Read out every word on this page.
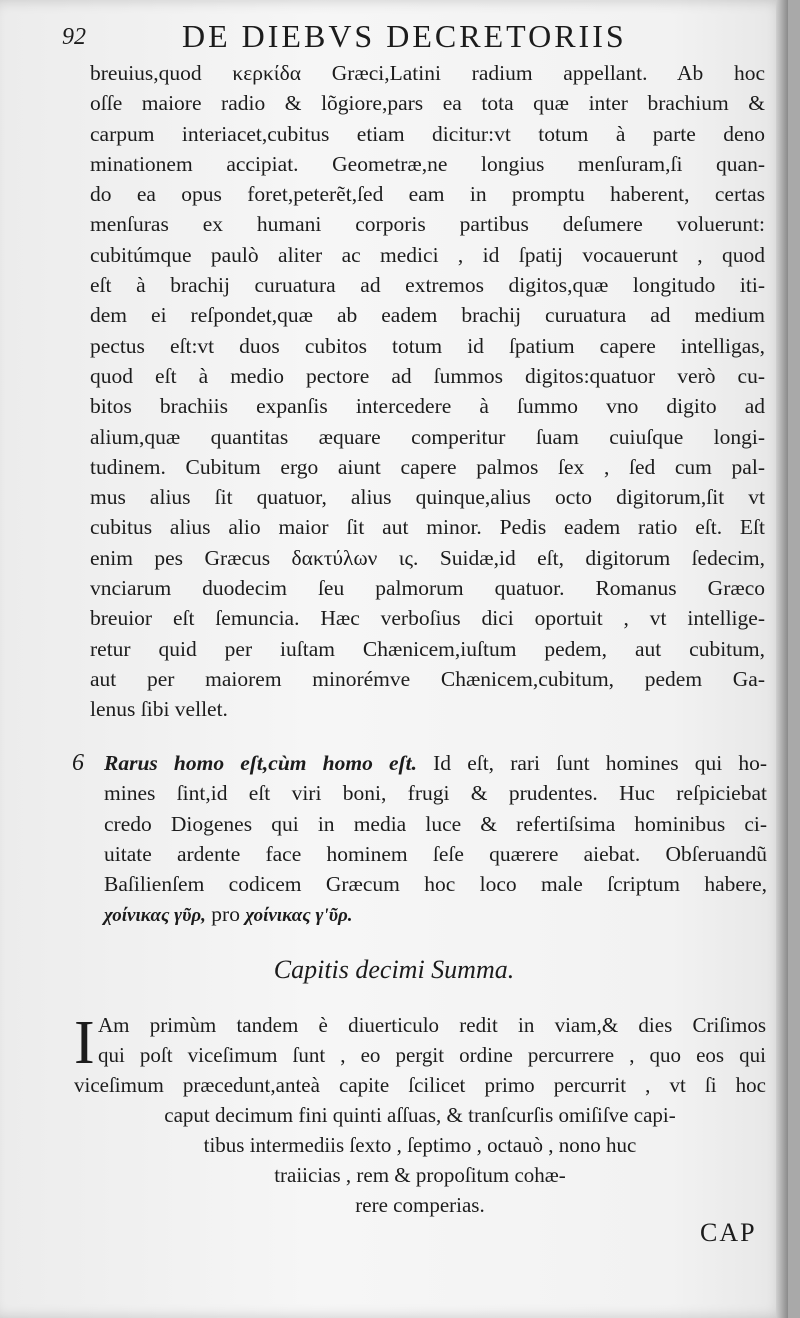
92	DE DIEBVS DECRETORIIS
breuius,quod κερκίδα Græci,Latini radium appellant. Ab hoc
oſſe maiore radio & lõgiore,pars ea tota quæ inter brachium &
carpum interiacet,cubitus etiam dicitur:vt totum à parte deno
minationem accipiat. Geometræ,ne longius menſuram,ſi quan-
do ea opus foret,peterẽt,ſed eam in promptu haberent, certas
menſuras ex humani corporis partibus deſumere voluerunt:
cubitúmque paulò aliter ac medici , id ſpatij vocauerunt , quod
eſt à brachij curuatura ad extremos digitos,quæ longitudo iti-
dem ei reſpondet,quæ ab eadem brachij curuatura ad medium
pectus eſt:vt duos cubitos totum id ſpatium capere intelligas,
quod eſt à medio pectore ad ſummos digitos:quatuor verò cu-
bitos brachiis expanſis intercedere à ſummo vno digito ad
alium,quæ quantitas æquare comperitur ſuam cuiuſque longi-
tudinem. Cubitum ergo aiunt capere palmos ſex , ſed cum pal-
mus alius ſit quatuor, alius quinque,alius octo digitorum,ſit vt
cubitus alius alio maior ſit aut minor. Pedis eadem ratio eſt. Eſt
enim pes Græcus δακτύλων ις. Suidæ,id eſt, digitorum ſedecim,
vnciarum duodecim ſeu palmorum quatuor. Romanus Græco
breuior eſt ſemuncia. Hæc verboſius dici oportuit , vt intellige-
retur quid per iuſtam Chænicem,iuſtum pedem, aut cubitum,
aut per maiorem minorémve Chænicem,cubitum, pedem Ga-
lenus ſibi vellet.
6 Rarus homo eſt,cùm homo eſt. Id eſt, rari ſunt homines qui ho-
mines ſint,id eſt viri boni, frugi & prudentes. Huc reſpiciebat
credo Diogenes qui in media luce & refertiſsima hominibus ci-
uitate ardente face hominem ſeſe quærere aiebat. Obſeruandũ
Baſilienſem codicem Græcum hoc loco male ſcriptum habere,
χοίνικας γῦρ, pro χοίνικας γ'ῦρ.
Capitis decimi Summa.
I Am primùm tandem è diuerticulo redit in viam,& dies Criſimos
qui poſt viceſimum ſunt , eo pergit ordine percurrere , quo eos qui
viceſimum præcedunt,anteà capite ſcilicet primo percurrit , vt ſi hoc
caput decimum fini quinti aſſuas, & tranſcurſis omiſiſve capi-
tibus intermediis ſexto , ſeptimo , octauò , nono huc
traiicias , rem & propoſitum cohæ-
rere comperias.
CAP
